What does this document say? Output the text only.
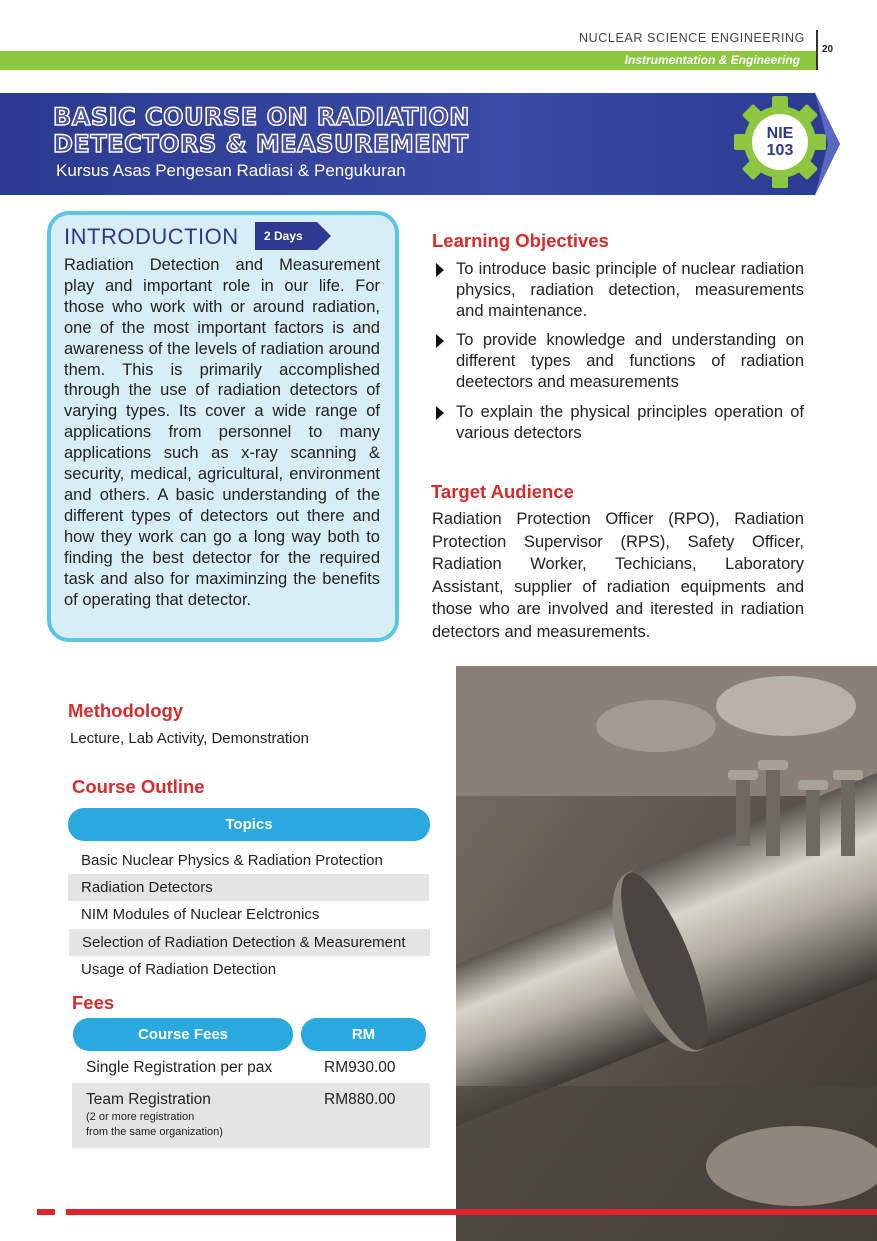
NUCLEAR SCIENCE ENGINEERING
20
Instrumentation & Engineering
BASIC COURSE ON RADIATION
DETECTORS & MEASUREMENT
Kursus Asas Pengesan Radiasi & Pengukuran
NIE
103
INTRODUCTION 2 Days
Radiation Detection and Measurement play and important role in our life. For those who work with or around radiation, one of the most important factors is and awareness of the levels of radiation around them. This is primarily accomplished through the use of radiation detectors of varying types. Its cover a wide range of applications from personnel to many applications such as x-ray scanning & security, medical, agricultural, environment and others. A basic understanding of the different types of detectors out there and how they work can go a long way both to finding the best detector for the required task and also for maximinzing the benefits of operating that detector.
Learning Objectives
To introduce basic principle of nuclear radiation physics, radiation detection, measurements and maintenance.
To provide knowledge and understanding on different types and functions of radiation deetectors and measurements
To explain the physical principles operation of various detectors
Target Audience
Radiation Protection Officer (RPO), Radiation Protection Supervisor (RPS), Safety Officer, Radiation Worker, Techicians, Laboratory Assistant, supplier of radiation equipments and those who are involved and iterested in radiation detectors and measurements.
Methodology
Lecture, Lab Activity, Demonstration
Course Outline
Topics
Basic Nuclear Physics & Radiation Protection
Radiation Detectors
NIM Modules of Nuclear Eelctronics
Selection of Radiation Detection & Measurement
Usage of Radiation Detection
Fees
Course Fees	RM
Single Registration per pax	RM930.00
Team Registration	RM880.00
(2 or more registration
from the same organization)
